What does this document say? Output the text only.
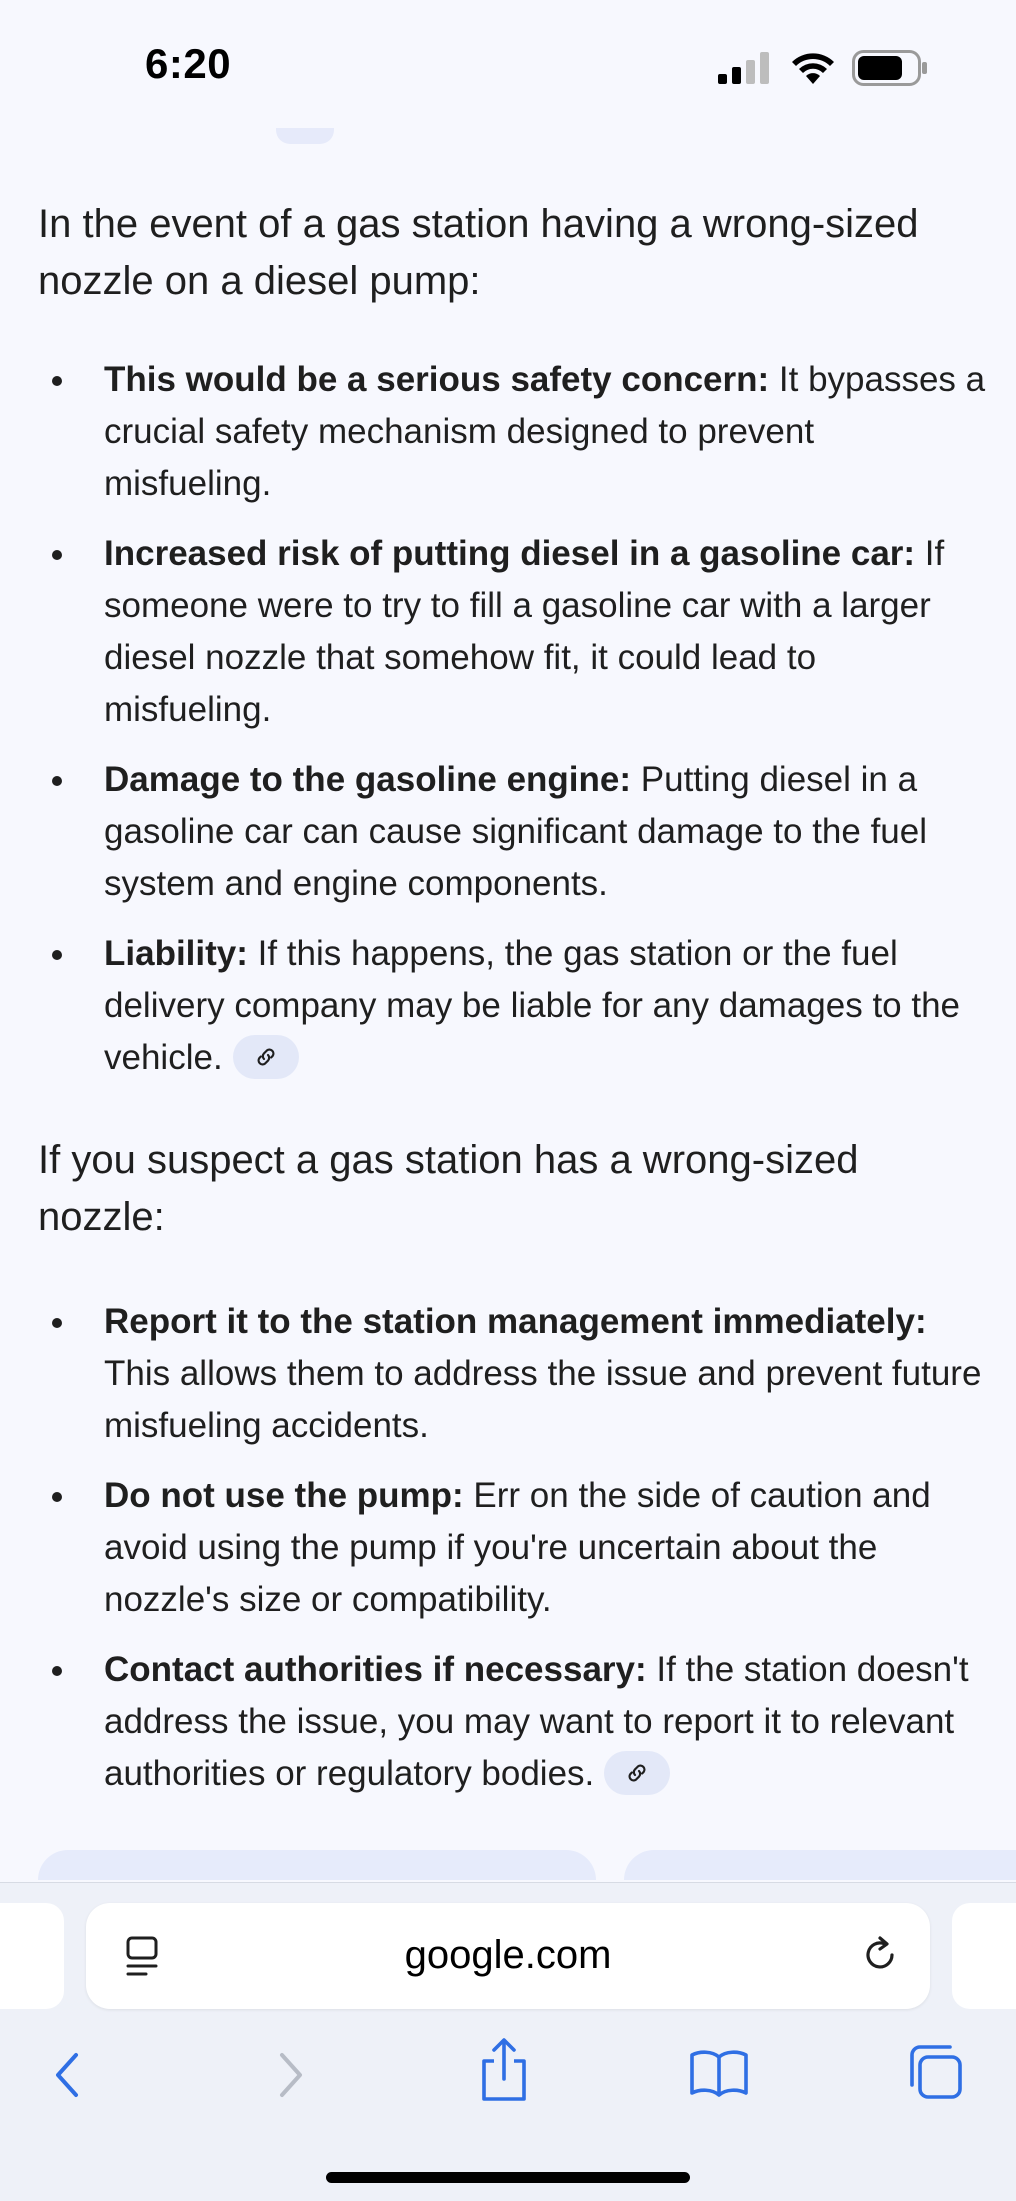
6:20
In the event of a gas station having a wrong-sized nozzle on a diesel pump:
This would be a serious safety concern: It bypasses a crucial safety mechanism designed to prevent misfueling.
Increased risk of putting diesel in a gasoline car: If someone were to try to fill a gasoline car with a larger diesel nozzle that somehow fit, it could lead to misfueling.
Damage to the gasoline engine: Putting diesel in a gasoline car can cause significant damage to the fuel system and engine components.
Liability: If this happens, the gas station or the fuel delivery company may be liable for any damages to the vehicle.
If you suspect a gas station has a wrong-sized nozzle:
Report it to the station management immediately: This allows them to address the issue and prevent future misfueling accidents.
Do not use the pump: Err on the side of caution and avoid using the pump if you're uncertain about the nozzle's size or compatibility.
Contact authorities if necessary: If the station doesn't address the issue, you may want to report it to relevant authorities or regulatory bodies.
google.com
